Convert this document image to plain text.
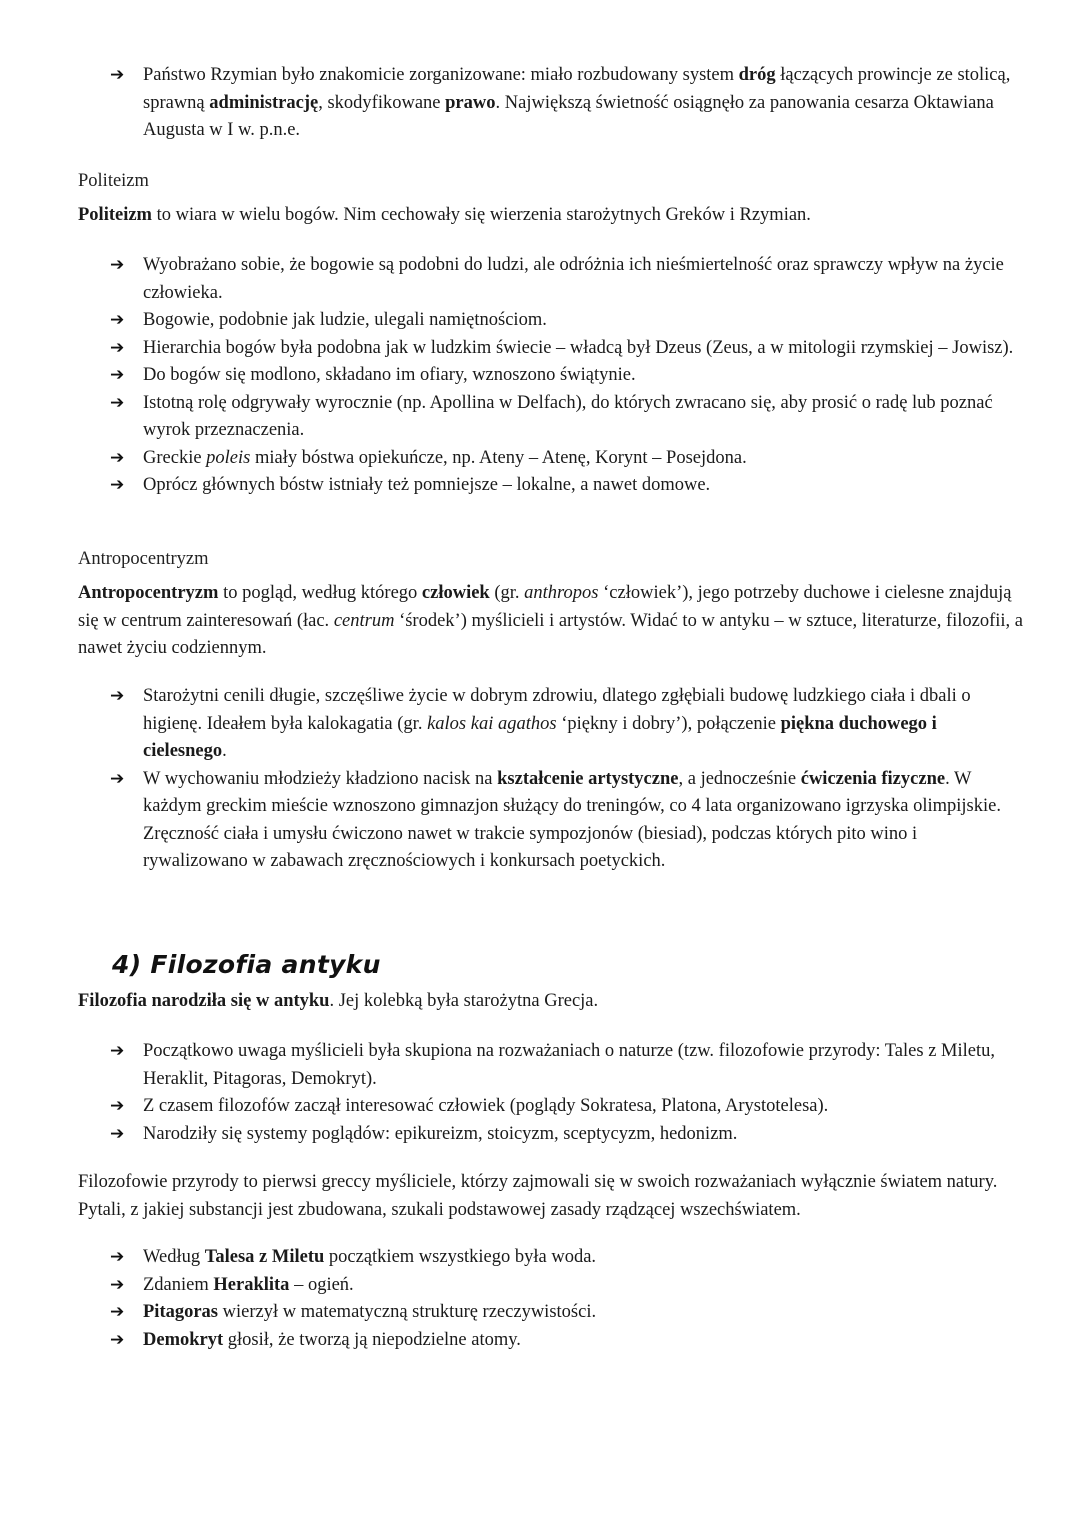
➔ Państwo Rzymian było znakomicie zorganizowane: miało rozbudowany system dróg łączących prowincje ze stolicą, sprawną administrację, skodyfikowane prawo. Największą świetność osiągnęło za panowania cesarza Oktawiana Augusta w I w. p.n.e.
Politeizm

Politeizm to wiara w wielu bogów. Nim cechowały się wierzenia starożytnych Greków i Rzymian.

➔ Wyobrażano sobie, że bogowie są podobni do ludzi, ale odróżnia ich nieśmiertelność oraz sprawczy wpływ na życie człowieka.
➔ Bogowie, podobnie jak ludzie, ulegali namiętnościom.
➔ Hierarchia bogów była podobna jak w ludzkim świecie – władcą był Dzeus (Zeus, a w mitologii rzymskiej – Jowisz).
➔ Do bogów się modlono, składano im ofiary, wznoszono świątynie.
➔ Istotną rolę odgrywały wyrocznie (np. Apollina w Delfach), do których zwracano się, aby prosić o radę lub poznać wyrok przeznaczenia.
➔ Greckie poleis miały bóstwa opiekuńcze, np. Ateny – Atenę, Korynt – Posejdona.
➔ Oprócz głównych bóstw istniały też pomniejsze – lokalne, a nawet domowe.
Antropocentryzm

Antropocentryzm to pogląd, według którego człowiek (gr. anthropos ‘człowiek’), jego potrzeby duchowe i cielesne znajdują się w centrum zainteresowań (łac. centrum ‘środek’) myślicieli i artystów. Widać to w antyku – w sztuce, literaturze, filozofii, a nawet życiu codziennym.

➔ Starożytni cenili długie, szczęśliwe życie w dobrym zdrowiu, dlatego zgłębiali budowę ludzkiego ciała i dbali o higienę. Ideałem była kalokagatia (gr. kalos kai agathos ‘piękny i dobry’), połączenie piękna duchowego i cielesnego.
➔ W wychowaniu młodzieży kładziono nacisk na kształcenie artystyczne, a jednocześnie ćwiczenia fizyczne. W każdym greckim mieście wznoszono gimnazjon służący do treningów, co 4 lata organizowano igrzyska olimpijskie. Zręczność ciała i umysłu ćwiczono nawet w trakcie sympozjonów (biesiad), podczas których pito wino i rywalizowano w zabawach zręcznościowych i konkursach poetyckich.
4) Filozofia antyku

Filozofia narodziła się w antyku. Jej kolebką była starożytna Grecja.

➔ Początkowo uwaga myślicieli była skupiona na rozważaniach o naturze (tzw. filozofowie przyrody: Tales z Miletu, Heraklit, Pitagoras, Demokryt).
➔ Z czasem filozofów zaczął interesować człowiek (poglądy Sokratesa, Platona, Arystotelesa).
➔ Narodziły się systemy poglądów: epikureizm, stoicyzm, sceptycyzm, hedonizm.

Filozofowie przyrody to pierwsi greccy myśliciele, którzy zajmowali się w swoich rozważaniach wyłącznie światem natury. Pytali, z jakiej substancji jest zbudowana, szukali podstawowej zasady rządzącej wszechświatem.

➔ Według Talesa z Miletu początkiem wszystkiego była woda.
➔ Zdaniem Heraklita – ogień.
➔ Pitagoras wierzył w matematyczną strukturę rzeczywistości.
➔ Demokryt głosił, że tworzą ją niepodzielne atomy.
